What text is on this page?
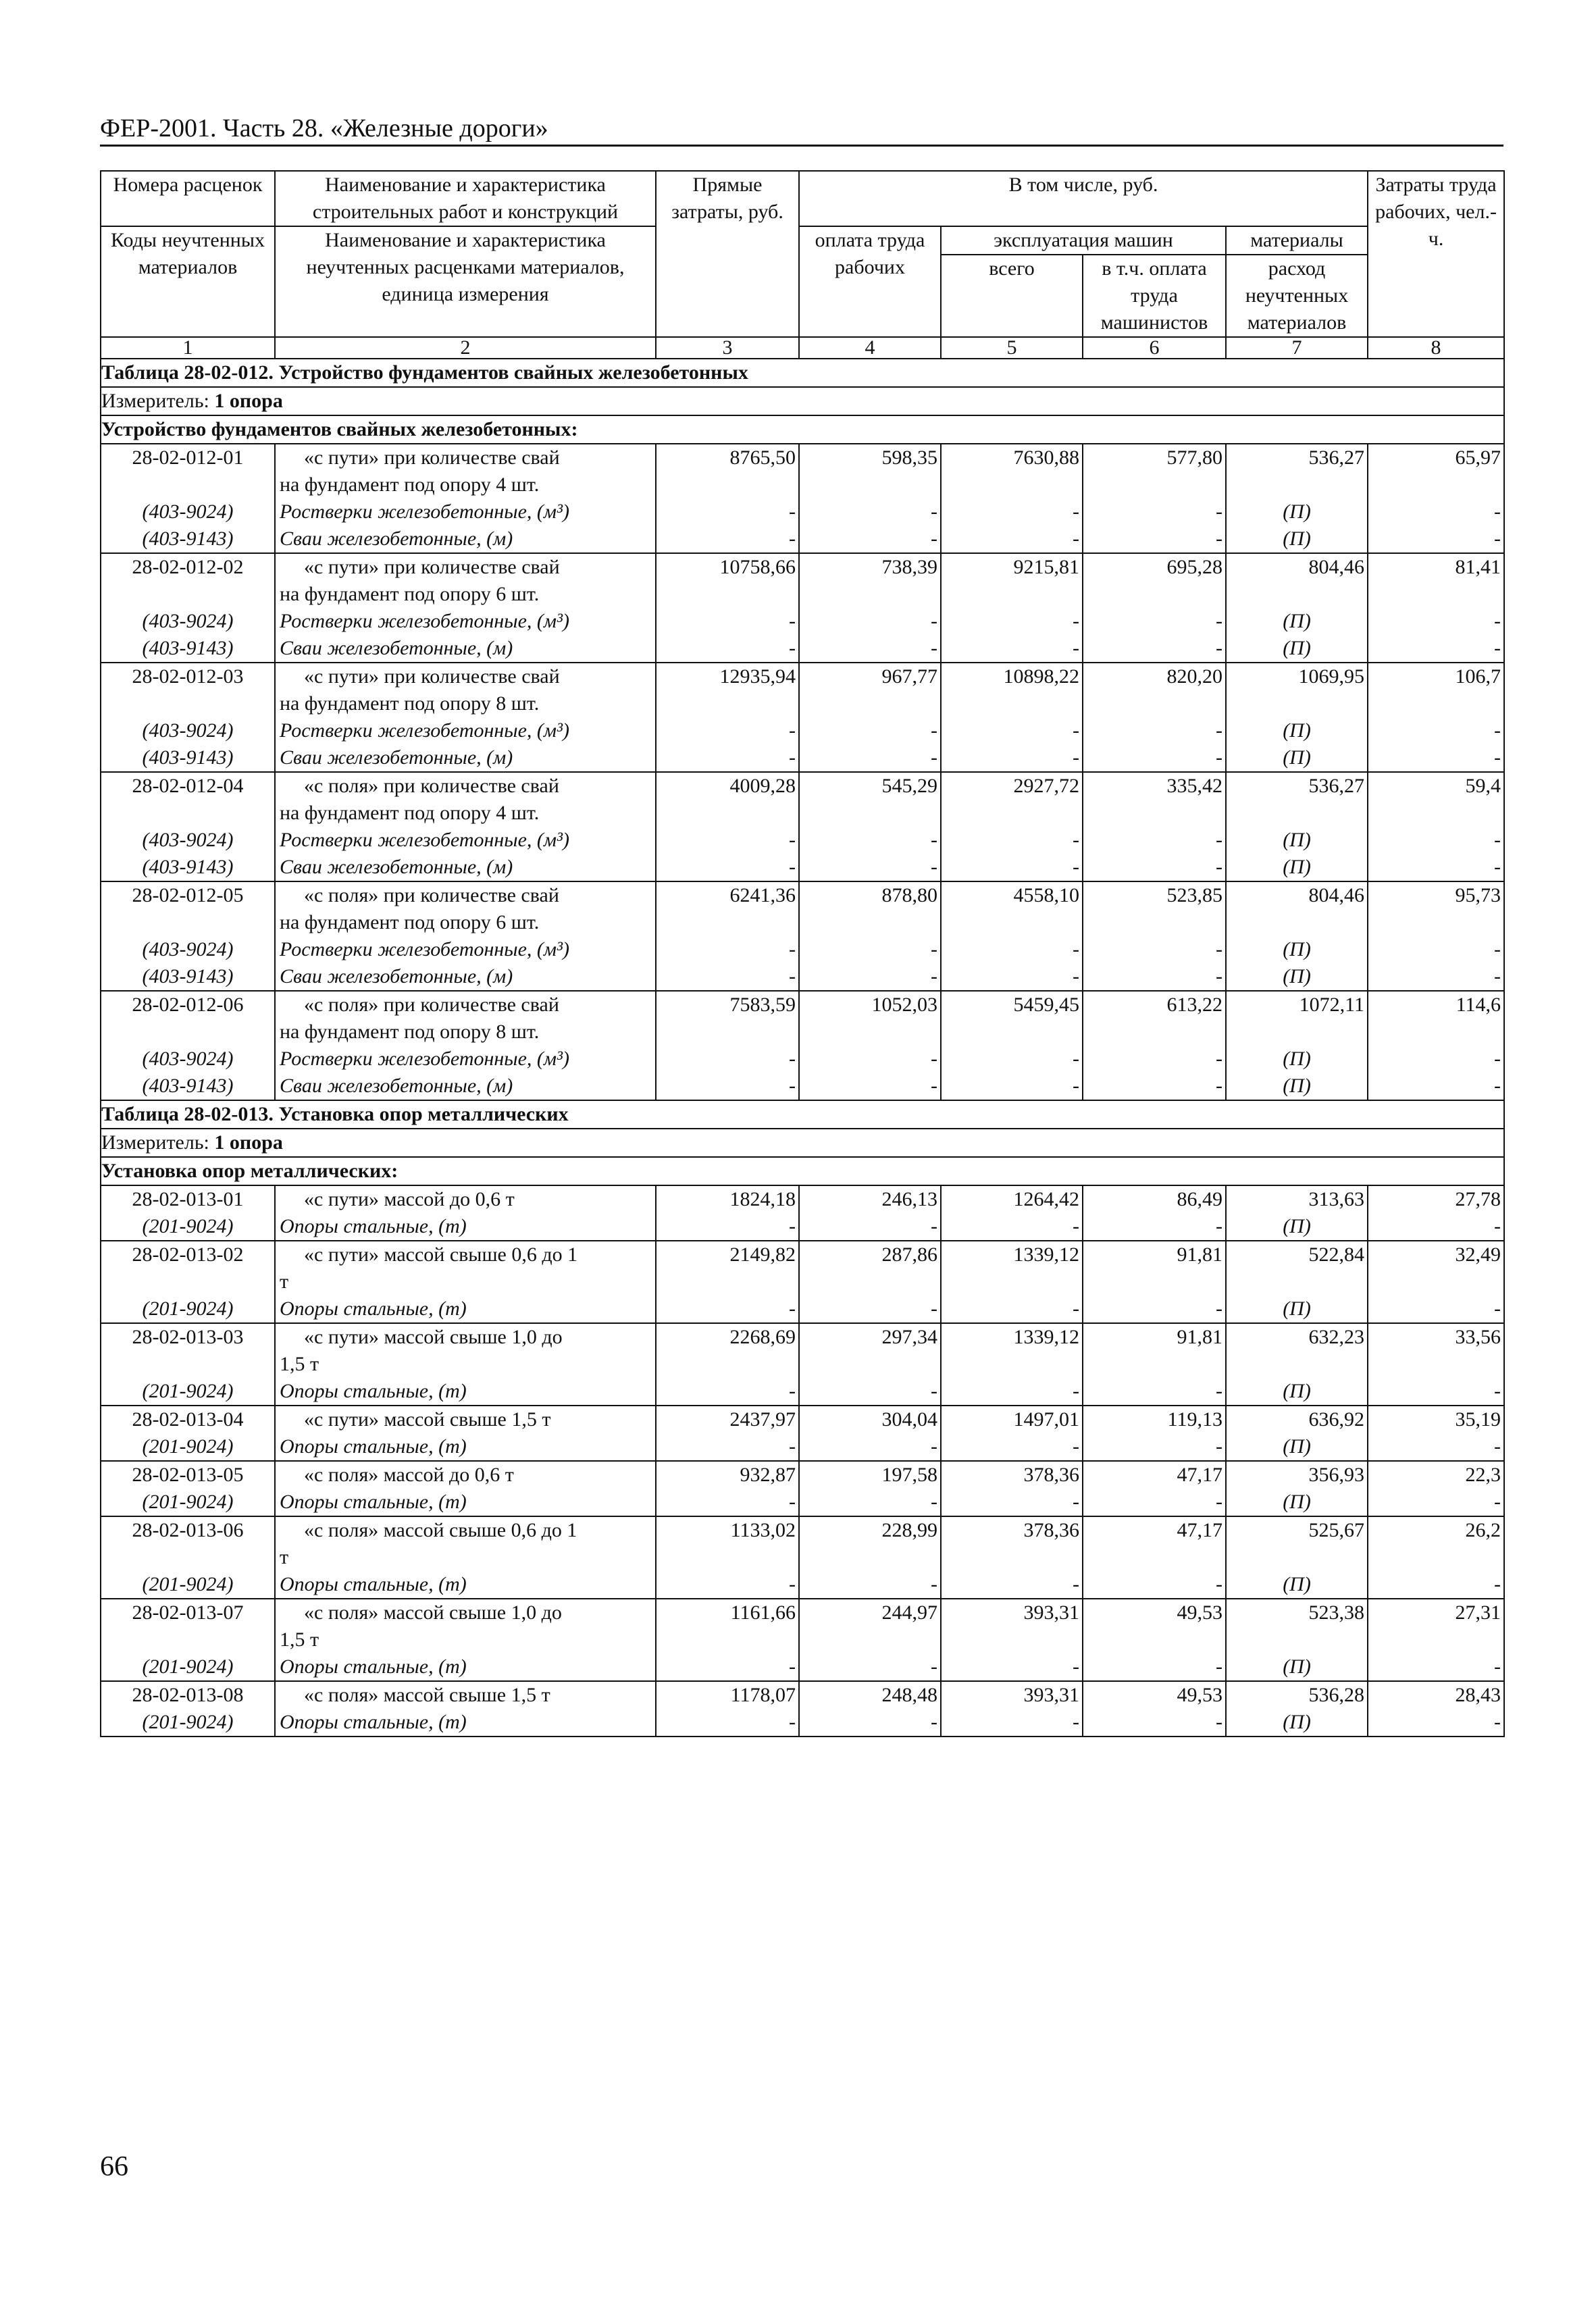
ФЕР-2001. Часть 28. «Железные дороги»
Номера расценок	Наименование и характеристика строительных работ и конструкций	Прямые затраты, руб.	В том числе, руб.				Затраты труда рабочих, чел.-ч.
Коды неучтенных материалов	Наименование и характеристика неучтенных расценками материалов, единица измерения		оплата труда рабочих	эксплуатация машин		материалы	
				всего	в т.ч. оплата труда машинистов	расход неучтенных материалов	

1	2	3	4	5	6	7	8
Таблица 28-02-012. Устройство фундаментов свайных железобетонных							
Измеритель: 1 опора							
Устройство фундаментов свайных железобетонных:							
28-02-012-01	«с пути» при количестве свай	8765,50	598,35	7630,88	577,80	536,27	65,97
	на фундамент под опору 4 шт.						
(403-9024)	Ростверки железобетонные, (м³)	-	-	-	-	(П)	-
(403-9143)	Сваи железобетонные, (м)	-	-	-	-	(П)	-
28-02-012-02	«с пути» при количестве свай	10758,66	738,39	9215,81	695,28	804,46	81,41
	на фундамент под опору 6 шт.						
(403-9024)	Ростверки железобетонные, (м³)	-	-	-	-	(П)	-
(403-9143)	Сваи железобетонные, (м)	-	-	-	-	(П)	-
28-02-012-03	«с пути» при количестве свай	12935,94	967,77	10898,22	820,20	1069,95	106,7
	на фундамент под опору 8 шт.						
(403-9024)	Ростверки железобетонные, (м³)	-	-	-	-	(П)	-
(403-9143)	Сваи железобетонные, (м)	-	-	-	-	(П)	-
28-02-012-04	«с поля» при количестве свай	4009,28	545,29	2927,72	335,42	536,27	59,4
	на фундамент под опору 4 шт.						
(403-9024)	Ростверки железобетонные, (м³)	-	-	-	-	(П)	-
(403-9143)	Сваи железобетонные, (м)	-	-	-	-	(П)	-
28-02-012-05	«с поля» при количестве свай	6241,36	878,80	4558,10	523,85	804,46	95,73
	на фундамент под опору 6 шт.						
(403-9024)	Ростверки железобетонные, (м³)	-	-	-	-	(П)	-
(403-9143)	Сваи железобетонные, (м)	-	-	-	-	(П)	-
28-02-012-06	«с поля» при количестве свай	7583,59	1052,03	5459,45	613,22	1072,11	114,6
	на фундамент под опору 8 шт.						
(403-9024)	Ростверки железобетонные, (м³)	-	-	-	-	(П)	-
(403-9143)	Сваи железобетонные, (м)	-	-	-	-	(П)	-
Таблица 28-02-013. Установка опор металлических							
Измеритель: 1 опора							
Установка опор металлических:							
28-02-013-01	«с пути» массой до 0,6 т	1824,18	246,13	1264,42	86,49	313,63	27,78
(201-9024)	Опоры стальные, (т)	-	-	-	-	(П)	-
28-02-013-02	«с пути» массой свыше 0,6 до 1	2149,82	287,86	1339,12	91,81	522,84	32,49
	т						
(201-9024)	Опоры стальные, (т)	-	-	-	-	(П)	-
28-02-013-03	«с пути» массой свыше 1,0 до	2268,69	297,34	1339,12	91,81	632,23	33,56
	1,5 т						
(201-9024)	Опоры стальные, (т)	-	-	-	-	(П)	-
28-02-013-04	«с пути» массой свыше 1,5 т	2437,97	304,04	1497,01	119,13	636,92	35,19
(201-9024)	Опоры стальные, (т)	-	-	-	-	(П)	-
28-02-013-05	«с поля» массой до 0,6 т	932,87	197,58	378,36	47,17	356,93	22,3
(201-9024)	Опоры стальные, (т)	-	-	-	-	(П)	-
28-02-013-06	«с поля» массой свыше 0,6 до 1	1133,02	228,99	378,36	47,17	525,67	26,2
	т						
(201-9024)	Опоры стальные, (т)	-	-	-	-	(П)	-
28-02-013-07	«с поля» массой свыше 1,0 до	1161,66	244,97	393,31	49,53	523,38	27,31
	1,5 т						
(201-9024)	Опоры стальные, (т)	-	-	-	-	(П)	-
28-02-013-08	«с поля» массой свыше 1,5 т	1178,07	248,48	393,31	49,53	536,28	28,43
(201-9024)	Опоры стальные, (т)	-	-	-	-	(П)	-
66
